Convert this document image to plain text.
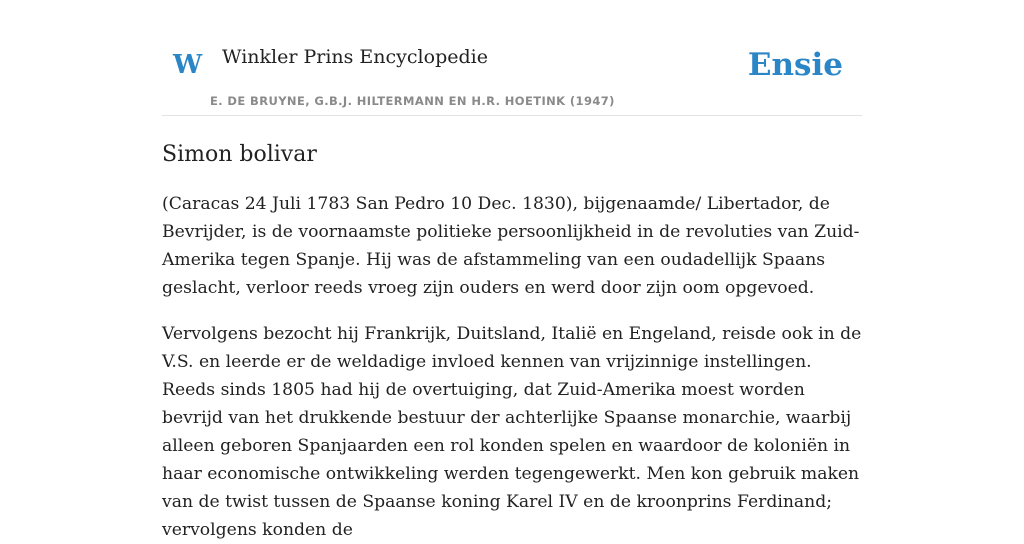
W Winkler Prins Encyclopedie
E. DE BRUYNE, G.B.J. HILTERMANN EN H.R. HOETINK (1947)
Ensie
Simon bolivar

(Caracas 24 Juli 1783 San Pedro 10 Dec. 1830), bijgenaamde/ Libertador, de Bevrijder, is de voornaamste politieke persoonlijkheid in de revoluties van Zuid-Amerika tegen Spanje. Hij was de afstammeling van een oudadellijk Spaans geslacht, verloor reeds vroeg zijn ouders en werd door zijn oom opgevoed.

Vervolgens bezocht hij Frankrijk, Duitsland, Italië en Engeland, reisde ook in de V.S. en leerde er de weldadige invloed kennen van vrijzinnige instellingen. Reeds sinds 1805 had hij de overtuiging, dat Zuid-Amerika moest worden bevrijd van het drukkende bestuur der achterlijke Spaanse monarchie, waarbij alleen geboren Spanjaarden een rol konden spelen en waardoor de koloniën in haar economische ontwikkeling werden tegengewerkt. Men kon gebruik maken van de twist tussen de Spaanse koning Karel IV en de kroonprins Ferdinand; vervolgens konden de
